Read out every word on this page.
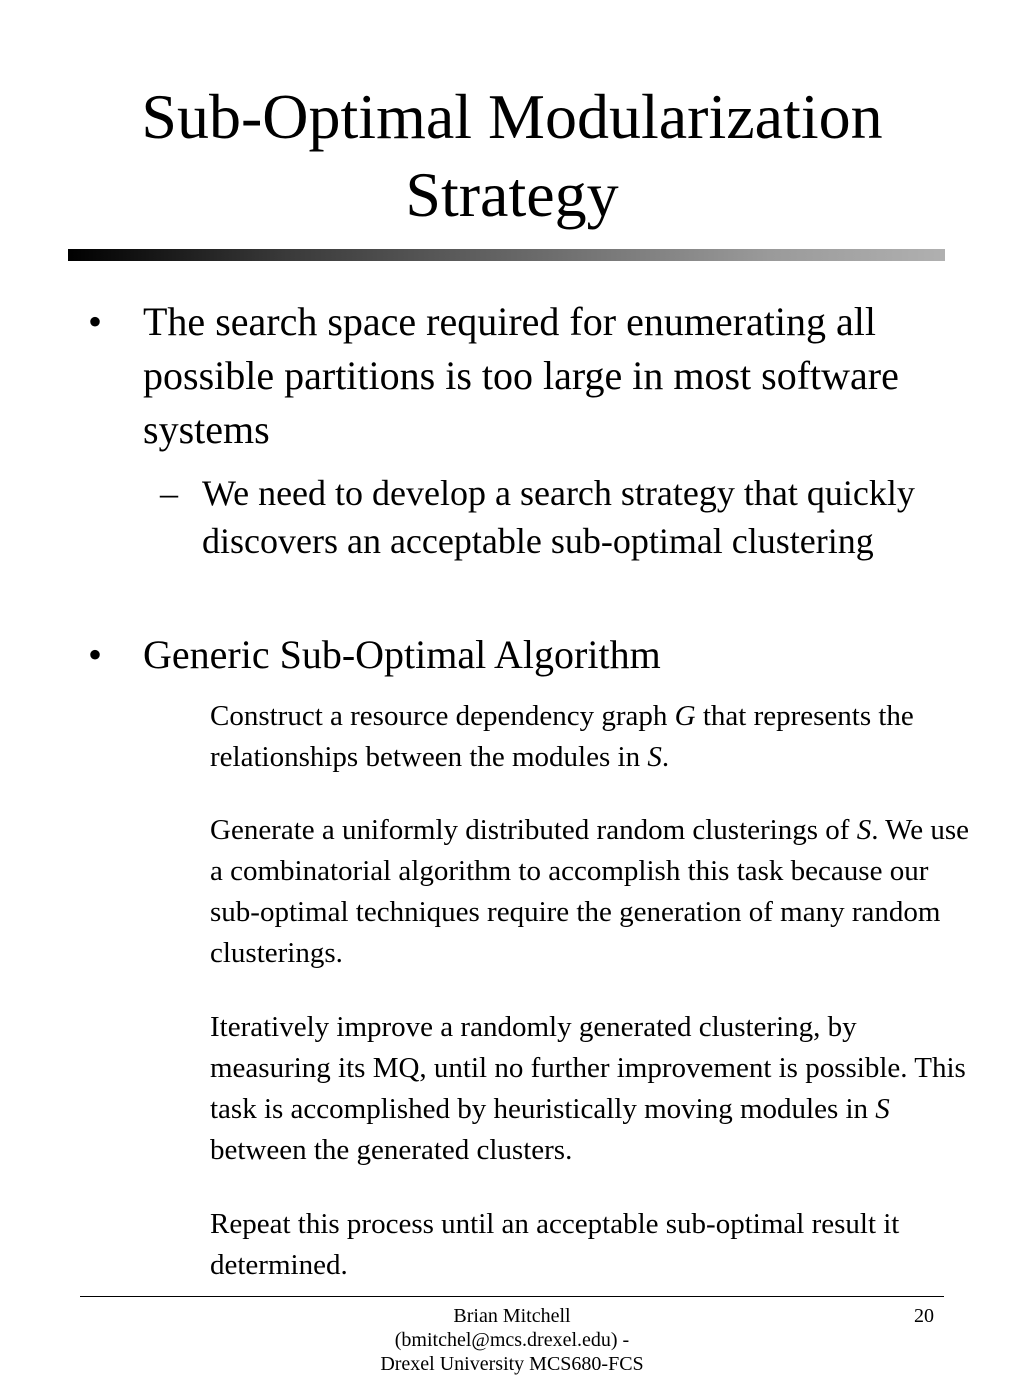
Sub-Optimal Modularization
Strategy
• The search space required for enumerating all possible partitions is too large in most software systems
– We need to develop a search strategy that quickly discovers an acceptable sub-optimal clustering
• Generic Sub-Optimal Algorithm
Construct a resource dependency graph G that represents the relationships between the modules in S.
Generate a uniformly distributed random clusterings of S. We use a combinatorial algorithm to accomplish this task because our sub-optimal techniques require the generation of many random clusterings.
Iteratively improve a randomly generated clustering, by measuring its MQ, until no further improvement is possible. This task is accomplished by heuristically moving modules in S between the generated clusters.
Repeat this process until an acceptable sub-optimal result it determined.
Brian Mitchell
(bmitchel@mcs.drexel.edu) -
Drexel University MCS680-FCS
20
